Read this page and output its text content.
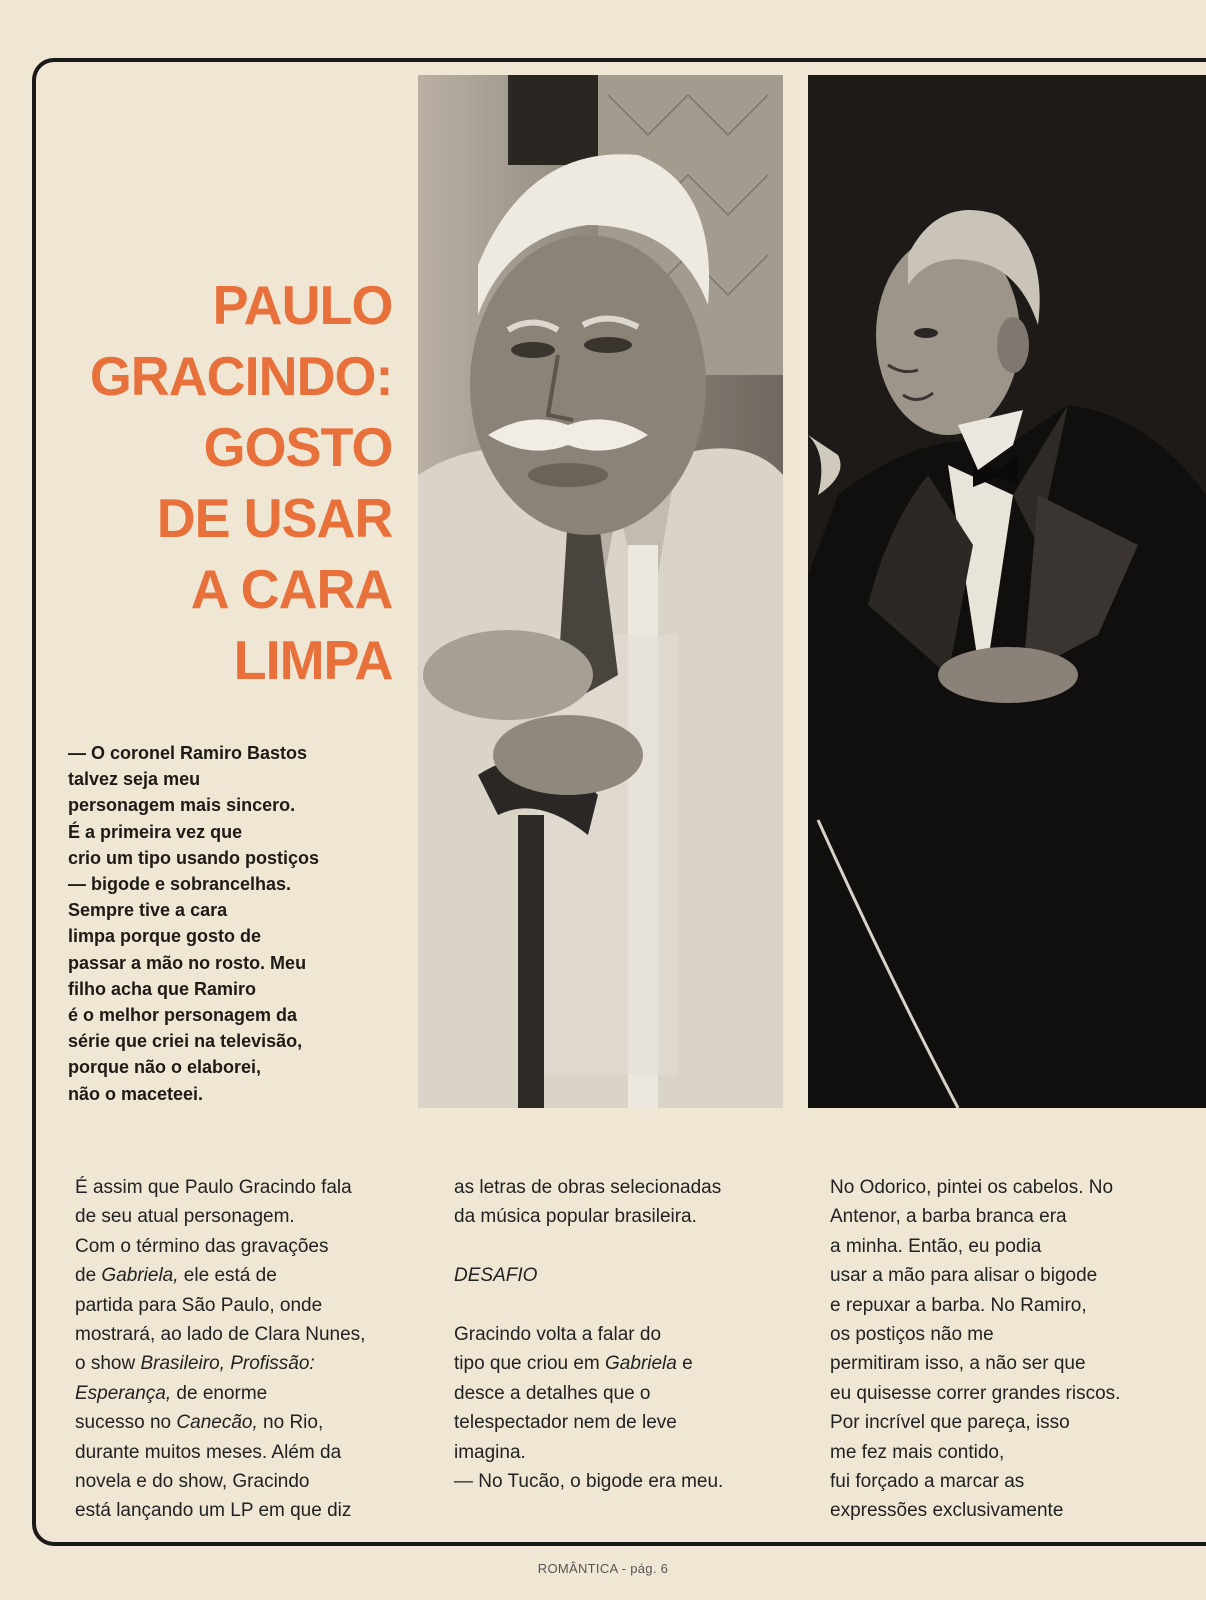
PAULO
GRACINDO:
GOSTO
DE USAR
A CARA
LIMPA

— O coronel Ramiro Bastos
talvez seja meu
personagem mais sincero.
É a primeira vez que
crio um tipo usando postiços
— bigode e sobrancelhas.
Sempre tive a cara
limpa porque gosto de
passar a mão no rosto. Meu
filho acha que Ramiro
é o melhor personagem da
série que criei na televisão,
porque não o elaborei,
não o maceteei.

É assim que Paulo Gracindo fala
de seu atual personagem.
Com o término das gravações
de Gabriela, ele está de
partida para São Paulo, onde
mostrará, ao lado de Clara Nunes,
o show Brasileiro, Profissão:
Esperança, de enorme
sucesso no Canecão, no Rio,
durante muitos meses. Além da
novela e do show, Gracindo
está lançando um LP em que diz
as letras de obras selecionadas
da música popular brasileira.
DESAFIO
Gracindo volta a falar do
tipo que criou em Gabriela e
desce a detalhes que o
telespectador nem de leve
imagina.
— No Tucão, o bigode era meu.
No Odorico, pintei os cabelos. No
Antenor, a barba branca era
a minha. Então, eu podia
usar a mão para alisar o bigode
e repuxar a barba. No Ramiro,
os postiços não me
permitiram isso, a não ser que
eu quisesse correr grandes riscos.
Por incrível que pareça, isso
me fez mais contido,
fui forçado a marcar as
expressões exclusivamente
ROMÂNTICA - pág. 6
